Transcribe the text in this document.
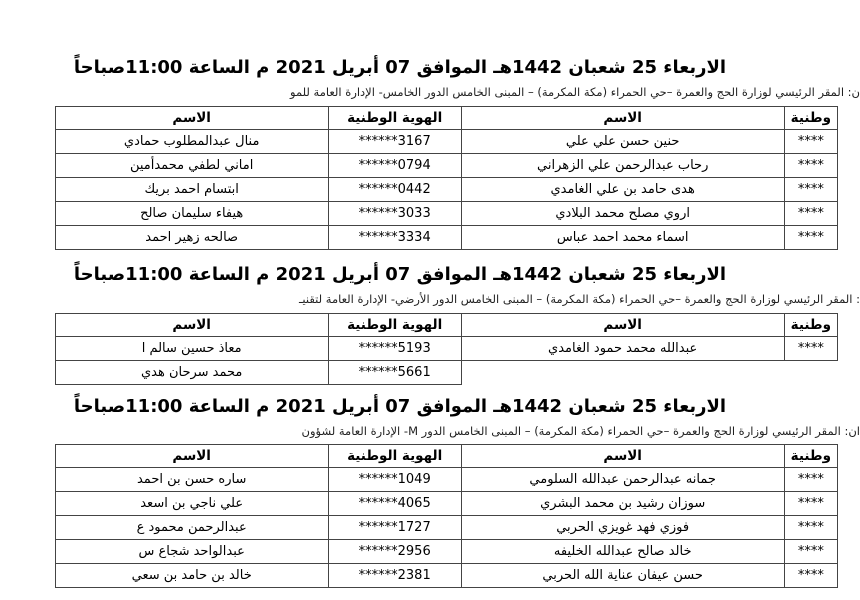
الاربعاء 25 شعبان 1442هـ الموافق 07 أبريل 2021 م الساعة 11:00صباحاً
ن: المقر الرئيسي لوزارة الحج والعمرة –حي الحمراء (مكة المكرمة) – المبنى الخامس الدور الخامس- الإدارة العامة للمو
وطنية	الاسم	الهوية الوطنية	الاسم
****	حنين حسن علي علي	3167******	منال عبدالمطلوب حمادي
****	رحاب عبدالرحمن علي الزهراني	0794******	اماني لطفي محمدأمين
****	هدى حامد بن علي الغامدي	0442******	ابتسام احمد بريك
****	اروي مصلح محمد البلادي	3033******	هيفاء سليمان صالح
****	اسماء محمد احمد عباس	3334******	صالحه زهير احمد
الاربعاء 25 شعبان 1442هـ الموافق 07 أبريل 2021 م الساعة 11:00صباحاً
: المقر الرئيسي لوزارة الحج والعمرة –حي الحمراء (مكة المكرمة) – المبنى الخامس الدور الأرضي- الإدارة العامة لتقنيـ
وطنية	الاسم	الهوية الوطنية	الاسم
****	عبدالله محمد حمود الغامدي	5193******	معاذ حسين سالم ا
		5661******	محمد سرحان هدي
الاربعاء 25 شعبان 1442هـ الموافق 07 أبريل 2021 م الساعة 11:00صباحاً
ان: المقر الرئيسي لوزارة الحج والعمرة –حي الحمراء (مكة المكرمة) – المبنى الخامس الدور M- الإدارة العامة لشؤون
وطنية	الاسم	الهوية الوطنية	الاسم
****	جمانه عبدالرحمن عبدالله السلومي	1049******	ساره حسن بن احمد
****	سوزان رشيد بن محمد البشري	4065******	علي ناجي بن اسعد
****	فوزي فهد غويزي الحربي	1727******	عبدالرحمن محمود ع
****	خالد صالح عبدالله الخليفه	2956******	عبدالواحد شجاع س
****	حسن عيفان عناية الله الحربي	2381******	خالد بن حامد بن سعي
